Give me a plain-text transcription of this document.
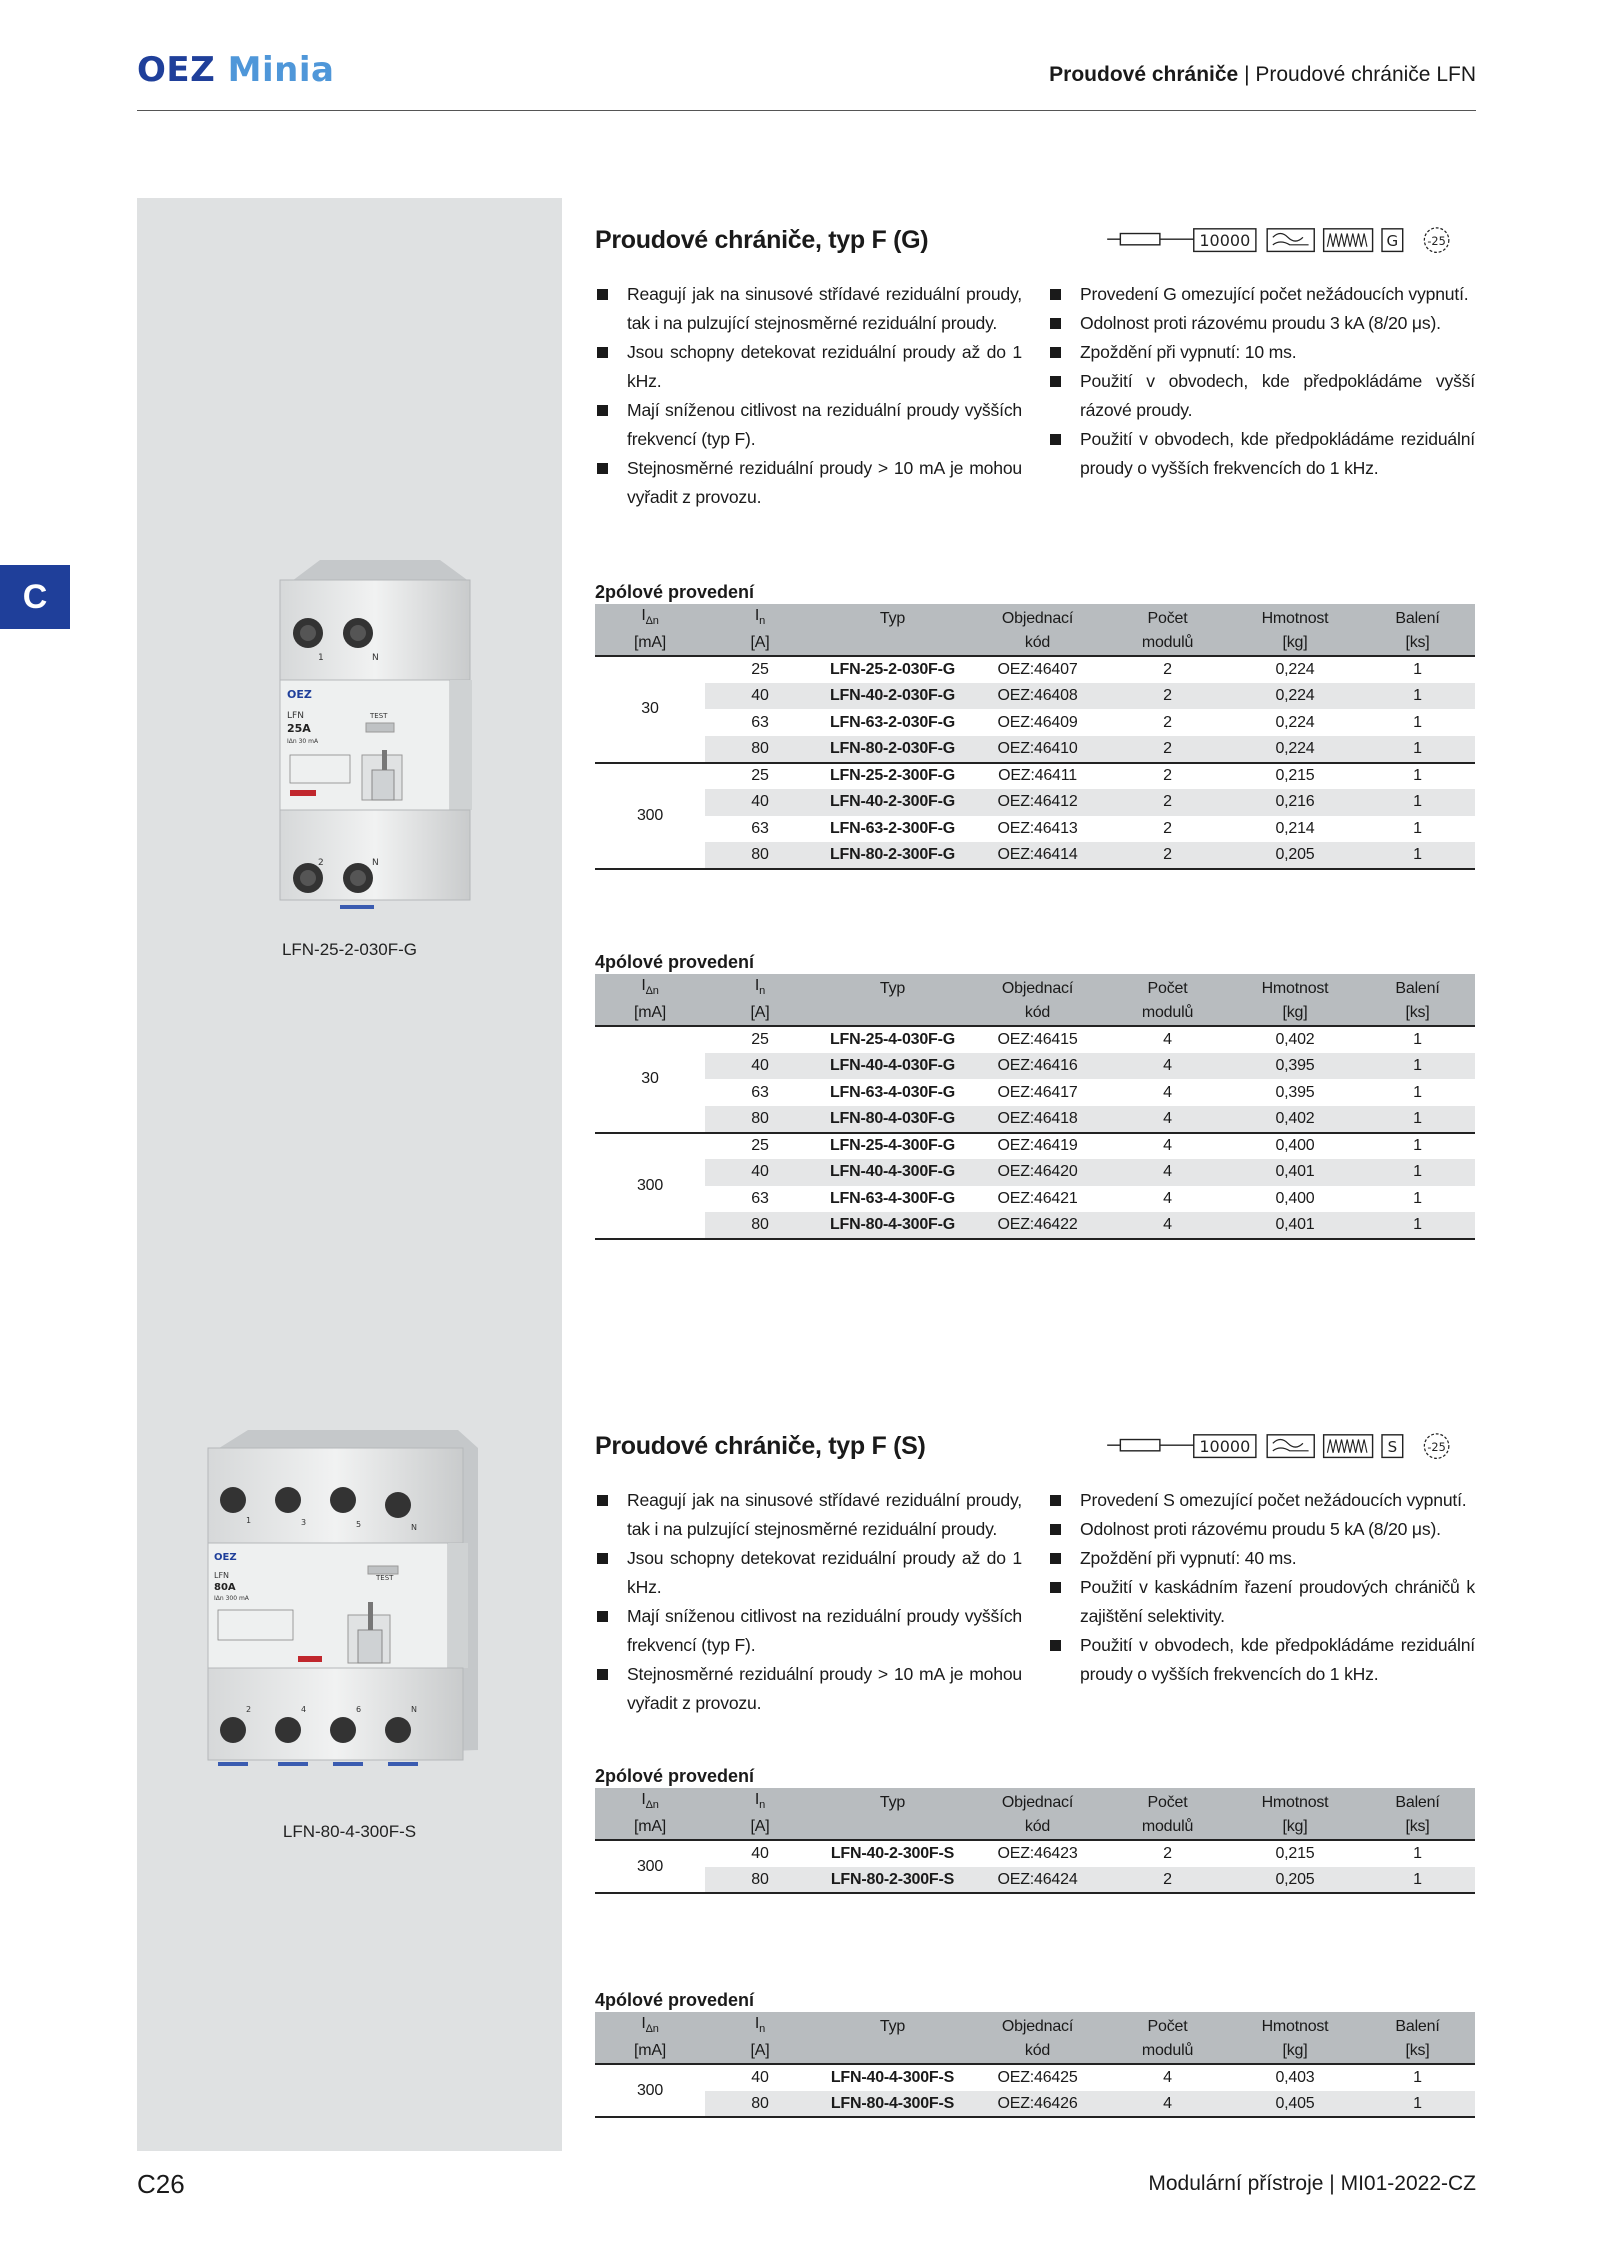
OEZ Minia	Proudové chrániče | Proudové chrániče LFN
C
1	N
2	N
OEZ
LFN
25A
IΔn 30 mA
TEST
LFN-25-2-030F-G
1	3	5	N
2	4	6	N
OEZ
LFN
80A
IΔn 300 mA
TEST
LFN-80-4-300F-S
Proudové chrániče, typ F (G)	10000	G -25
Reagují jak na sinusové střídavé reziduální proudy, tak i na pulzující stejnosměrné reziduální proudy.
Jsou schopny detekovat reziduální proudy až do 1 kHz.
Mají sníženou citlivost na reziduální proudy vyšších frekvencí (typ F).
Stejnosměrné reziduální proudy > 10 mA je mohou vyřadit z provozu.
Provedení G omezující počet nežádoucích vypnutí.
Odolnost proti rázovému proudu 3 kA (8/20 μs).
Zpoždění při vypnutí: 10 ms.
Použití v obvodech, kde předpokládáme vyšší rázové proudy.
Použití v obvodech, kde předpokládáme reziduální proudy o vyšších frekvencích do 1 kHz.
2pólové provedení
$I_{\Delta n}$	$I_n$	Typ	Objednací	Počet	Hmotnost	Balení
[mA]	[A]		kód	modulů	[kg]	[ks]
30	25	LFN-25-2-030F-G	OEZ:46407	2	0,224	1
	40	LFN-40-2-030F-G	OEZ:46408	2	0,224	1
	63	LFN-63-2-030F-G	OEZ:46409	2	0,224	1
	80	LFN-80-2-030F-G	OEZ:46410	2	0,224	1
300	25	LFN-25-2-300F-G	OEZ:46411	2	0,215	1
	40	LFN-40-2-300F-G	OEZ:46412	2	0,216	1
	63	LFN-63-2-300F-G	OEZ:46413	2	0,214	1
	80	LFN-80-2-300F-G	OEZ:46414	2	0,205	1
4pólové provedení
$I_{\Delta n}$	$I_n$	Typ	Objednací	Počet	Hmotnost	Balení
[mA]	[A]		kód	modulů	[kg]	[ks]
30	25	LFN-25-4-030F-G	OEZ:46415	4	0,402	1
	40	LFN-40-4-030F-G	OEZ:46416	4	0,395	1
	63	LFN-63-4-030F-G	OEZ:46417	4	0,395	1
	80	LFN-80-4-030F-G	OEZ:46418	4	0,402	1
300	25	LFN-25-4-300F-G	OEZ:46419	4	0,400	1
	40	LFN-40-4-300F-G	OEZ:46420	4	0,401	1
	63	LFN-63-4-300F-G	OEZ:46421	4	0,400	1
	80	LFN-80-4-300F-G	OEZ:46422	4	0,401	1
Proudové chrániče, typ F (S)	10000	S	-25
Reagují jak na sinusové střídavé reziduální proudy, tak i na pulzující stejnosměrné reziduální proudy.
Jsou schopny detekovat reziduální proudy až do 1 kHz.
Mají sníženou citlivost na reziduální proudy vyšších frekvencí (typ F).
Stejnosměrné reziduální proudy > 10 mA je mohou vyřadit z provozu.
Provedení S omezující počet nežádoucích vypnutí.
Odolnost proti rázovému proudu 5 kA (8/20 μs).
Zpoždění při vypnutí: 40 ms.
Použití v kaskádním řazení proudových chráničů k zajištění selektivity.
Použití v obvodech, kde předpokládáme reziduální proudy o vyšších frekvencích do 1 kHz.
2pólové provedení
$I_{\Delta n}$	$I_n$	Typ	Objednací	Počet	Hmotnost	Balení
[mA]	[A]		kód	modulů	[kg]	[ks]
300	40	LFN-40-2-300F-S	OEZ:46423	2	0,215	1
	80	LFN-80-2-300F-S	OEZ:46424	2	0,205	1
4pólové provedení
$I_{\Delta n}$	$I_n$	Typ	Objednací	Počet	Hmotnost	Balení
[mA]	[A]		kód	modulů	[kg]	[ks]
300	40	LFN-40-4-300F-S	OEZ:46425	4	0,403	1
	80	LFN-80-4-300F-S	OEZ:46426	4	0,405	1
C26	Modulární přístroje | MI01-2022-CZ
